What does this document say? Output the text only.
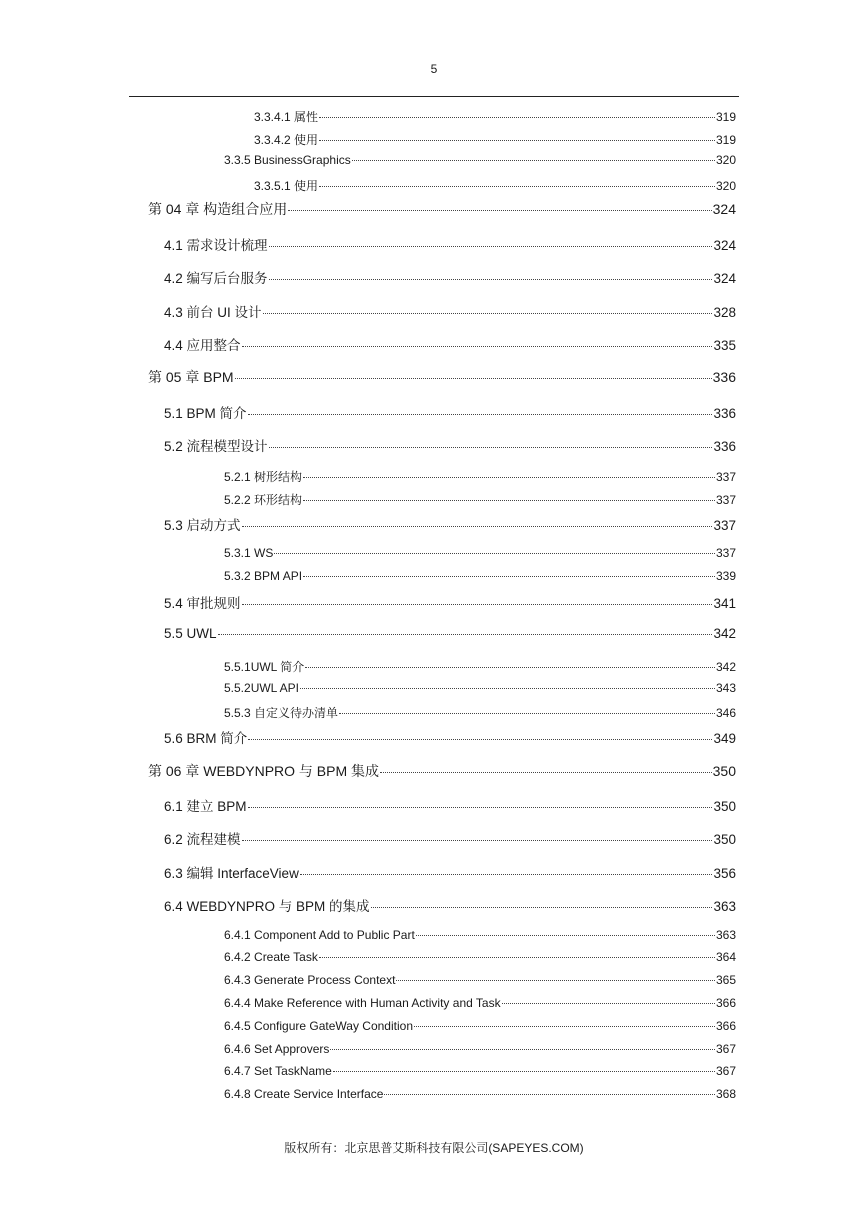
5
3.3.4.1 属性	319
3.3.4.2 使用	319
3.3.5 BusinessGraphics	320
3.3.5.1 使用	320
第 04 章 构造组合应用	324
4.1 需求设计梳理	324
4.2 编写后台服务	324
4.3 前台 UI 设计	328
4.4 应用整合	335
第 05 章 BPM	336
5.1 BPM 简介	336
5.2 流程模型设计	336
5.2.1 树形结构	337
5.2.2 环形结构	337
5.3 启动方式	337
5.3.1 WS	337
5.3.2 BPM API	339
5.4 审批规则	341
5.5 UWL	342
5.5.1UWL 简介	342
5.5.2UWL API	343
5.5.3 自定义待办清单	346
5.6 BRM 简介	349
第 06 章 WEBDYNPRO 与 BPM 集成	350
6.1 建立 BPM	350
6.2 流程建模	350
6.3 编辑 InterfaceView	356
6.4 WEBDYNPRO 与 BPM 的集成	363
6.4.1 Component Add to Public Part	363
6.4.2 Create Task	364
6.4.3 Generate Process Context	365
6.4.4 Make Reference with Human Activity and Task	366
6.4.5 Configure GateWay Condition	366
6.4.6 Set Approvers	367
6.4.7 Set TaskName	367
6.4.8 Create Service Interface	368
版权所有：北京思普艾斯科技有限公司(SAPEYES.COM)
